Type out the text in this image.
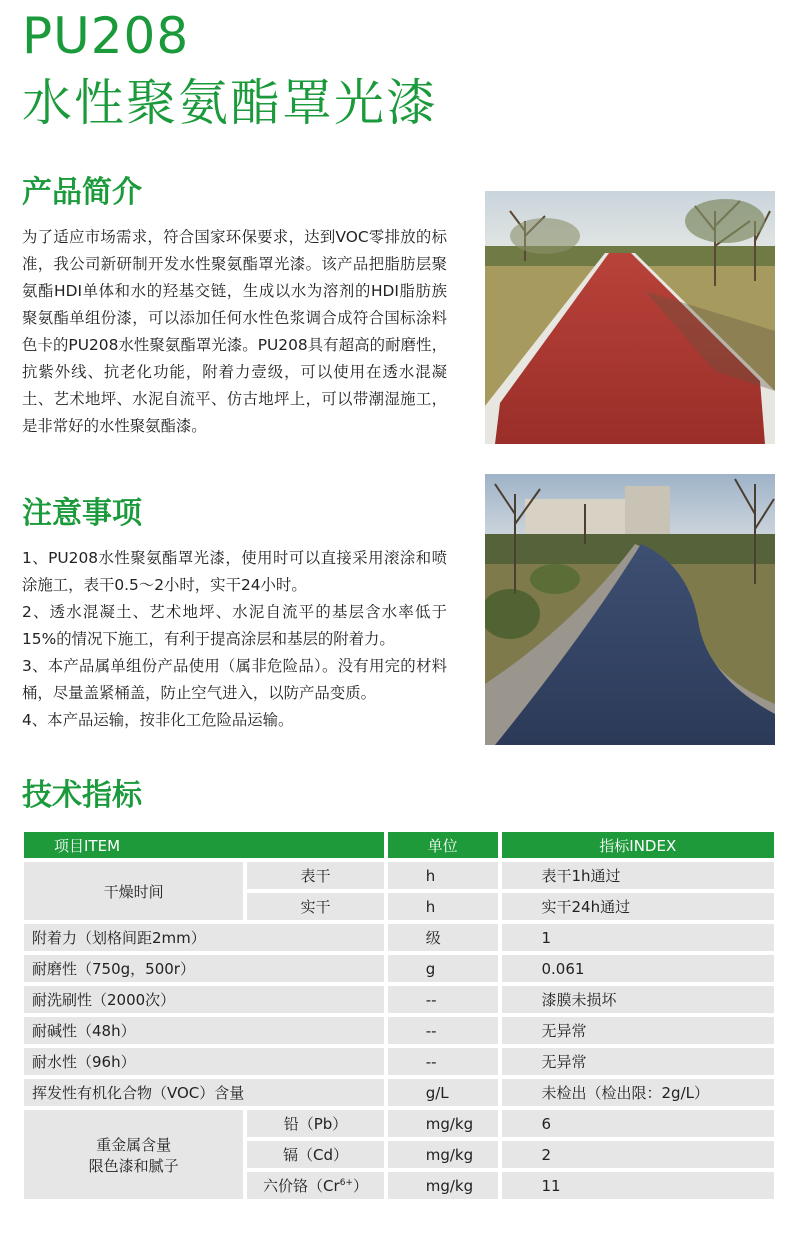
PU208
水性聚氨酯罩光漆
产品简介

为了适应市场需求，符合国家环保要求，达到VOC零排放的标准，我公司新研制开发水性聚氨酯罩光漆。该产品把脂肪层聚氨酯HDI单体和水的羟基交链，生成以水为溶剂的HDI脂肪族聚氨酯单组份漆，可以添加任何水性色浆调合成符合国标涂料色卡的PU208水性聚氨酯罩光漆。PU208具有超高的耐磨性，抗紫外线、抗老化功能，附着力壹级，可以使用在透水混凝土、艺术地坪、水泥自流平、仿古地坪上，可以带潮湿施工，是非常好的水性聚氨酯漆。

注意事项

1、PU208水性聚氨酯罩光漆，使用时可以直接采用滚涂和喷涂施工，表干0.5～2小时，实干24小时。

2、透水混凝土、艺术地坪、水泥自流平的基层含水率低于15%的情况下施工，有利于提高涂层和基层的附着力。

3、本产品属单组份产品使用（属非危险品）。没有用完的材料桶，尽量盖紧桶盖，防止空气进入，以防产品变质。

4、本产品运输，按非化工危险品运输。

技术指标
项目ITEM		单位	指标INDEX
干燥时间	表干	h	表干1h通过
	实干	h	实干24h通过
附着力（划格间距2mm）		级	1
耐磨性（750g，500r）		g	0.061
耐洗刷性（2000次）		--	漆膜未损坏
耐碱性（48h）		--	无异常
耐水性（96h）		--	无异常
挥发性有机化合物（VOC）含量		g/L	未检出（检出限：2g/L）

重金属含量
限色漆和腻子	铅（Pb）	mg/kg	6
	镉（Cd）	mg/kg	2
	六价铬$(Cr^{6+})$	mg/kg	11
